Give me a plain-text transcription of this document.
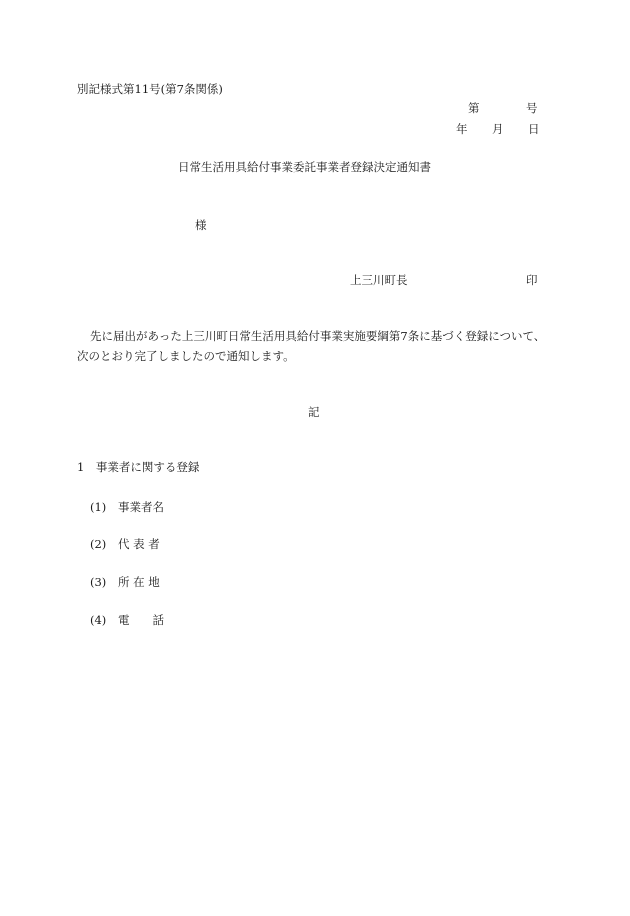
別記様式第11号(第7条関係)
第	号
年 月 日
日常生活用具給付事業委託事業者登録決定通知書
様
上三川町長	印
先に届出があった上三川町日常生活用具給付事業実施要綱第7条に基づく登録について、
次のとおり完了しましたので通知します。
記
1　事業者に関する登録
(1) 事業者名
(2) 代 表 者
(3) 所 在 地
(4) 電　　話
